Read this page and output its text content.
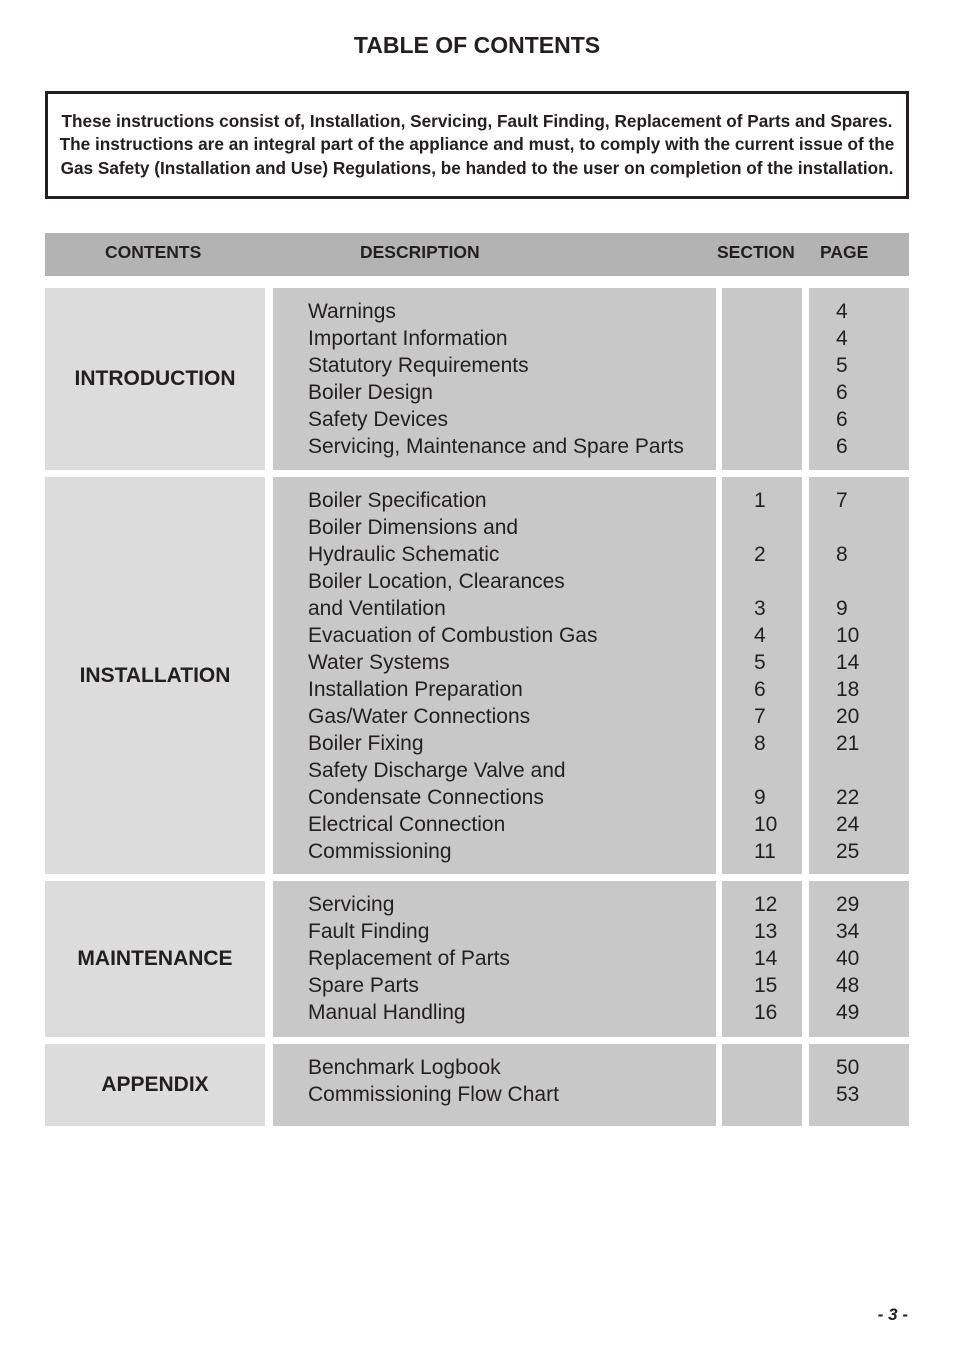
TABLE OF CONTENTS
These instructions consist of, Installation, Servicing, Fault Finding, Replacement of Parts and Spares. The instructions are an integral part of the appliance and must, to comply with the current issue of the Gas Safety (Installation and Use) Regulations, be handed to the user on completion of the installation.
CONTENTS	DESCRIPTION	SECTION PAGE
INTRODUCTION
Warnings
Important Information
Statutory Requirements
Boiler Design
Safety Devices
Servicing, Maintenance and Spare Parts
4
4
5
6
6
6
INSTALLATION
Boiler Specification
Boiler Dimensions and
Hydraulic Schematic
Boiler Location, Clearances
and Ventilation
Evacuation of Combustion Gas
Water Systems
Installation Preparation
Gas/Water Connections
Boiler Fixing
Safety Discharge Valve and
Condensate Connections
Electrical Connection
Commissioning
1
2
3
4
5
6
7
8
9
10
11
7
8
9
10
14
18
20
21
22
24
25
MAINTENANCE
Servicing
Fault Finding
Replacement of Parts
Spare Parts
Manual Handling
12
13
14
15
16
29
34
40
48
49
APPENDIX
Benchmark Logbook
Commissioning Flow Chart
50
53
- 3 -
